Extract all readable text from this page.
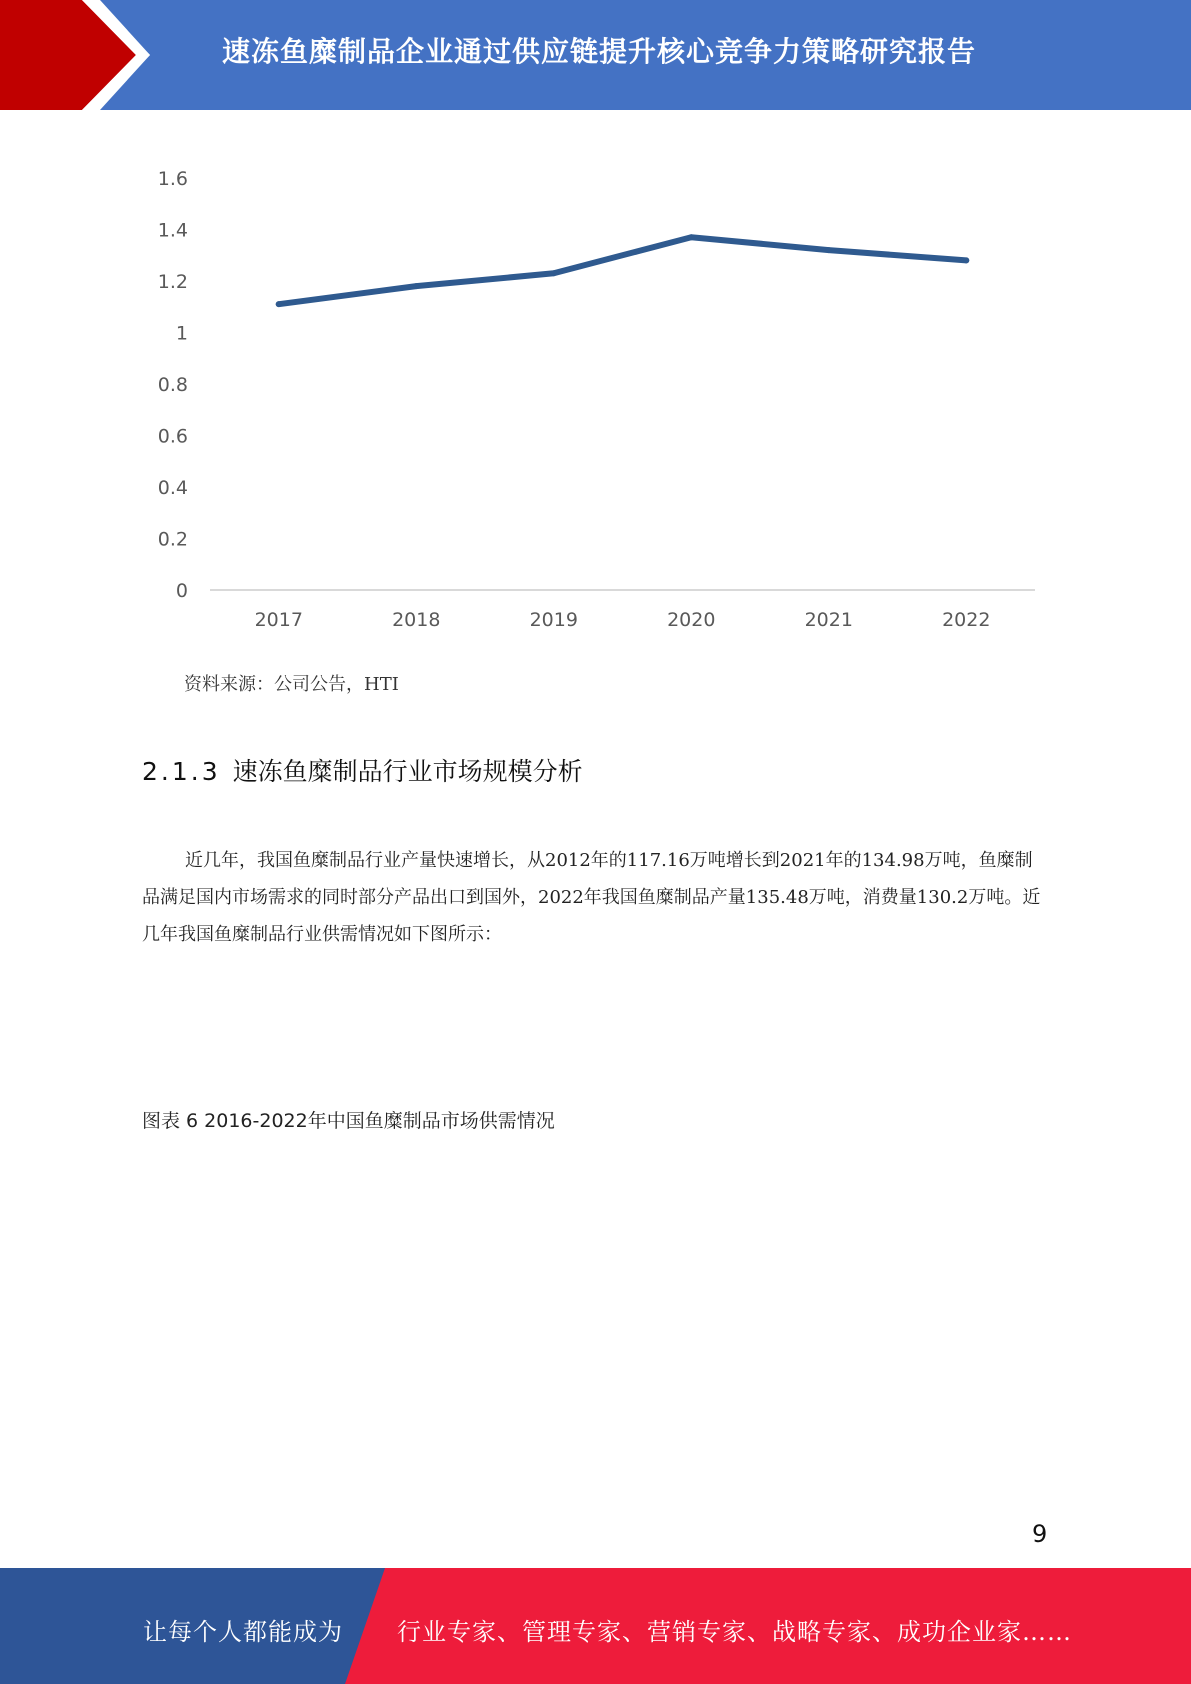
速冻鱼糜制品企业通过供应链提升核心竞争力策略研究报告
0
0.2
0.4
0.6
0.8
1
1.2
1.4
1.6
2017	2018	2019	2020	2021	2022
资料来源：公司公告，HTI
2.1.3 速冻鱼糜制品行业市场规模分析
近几年，我国鱼糜制品行业产量快速增长，从2012年的117.16万吨增长到2021年的134.98万吨，鱼糜制品满足国内市场需求的同时部分产品出口到国外，2022年我国鱼糜制品产量135.48万吨，消费量130.2万吨。近几年我国鱼糜制品行业供需情况如下图所示：
图表 6 2016-2022年中国鱼糜制品市场供需情况
9
让每个人都能成为 行业专家、管理专家、营销专家、战略专家、成功企业家……
